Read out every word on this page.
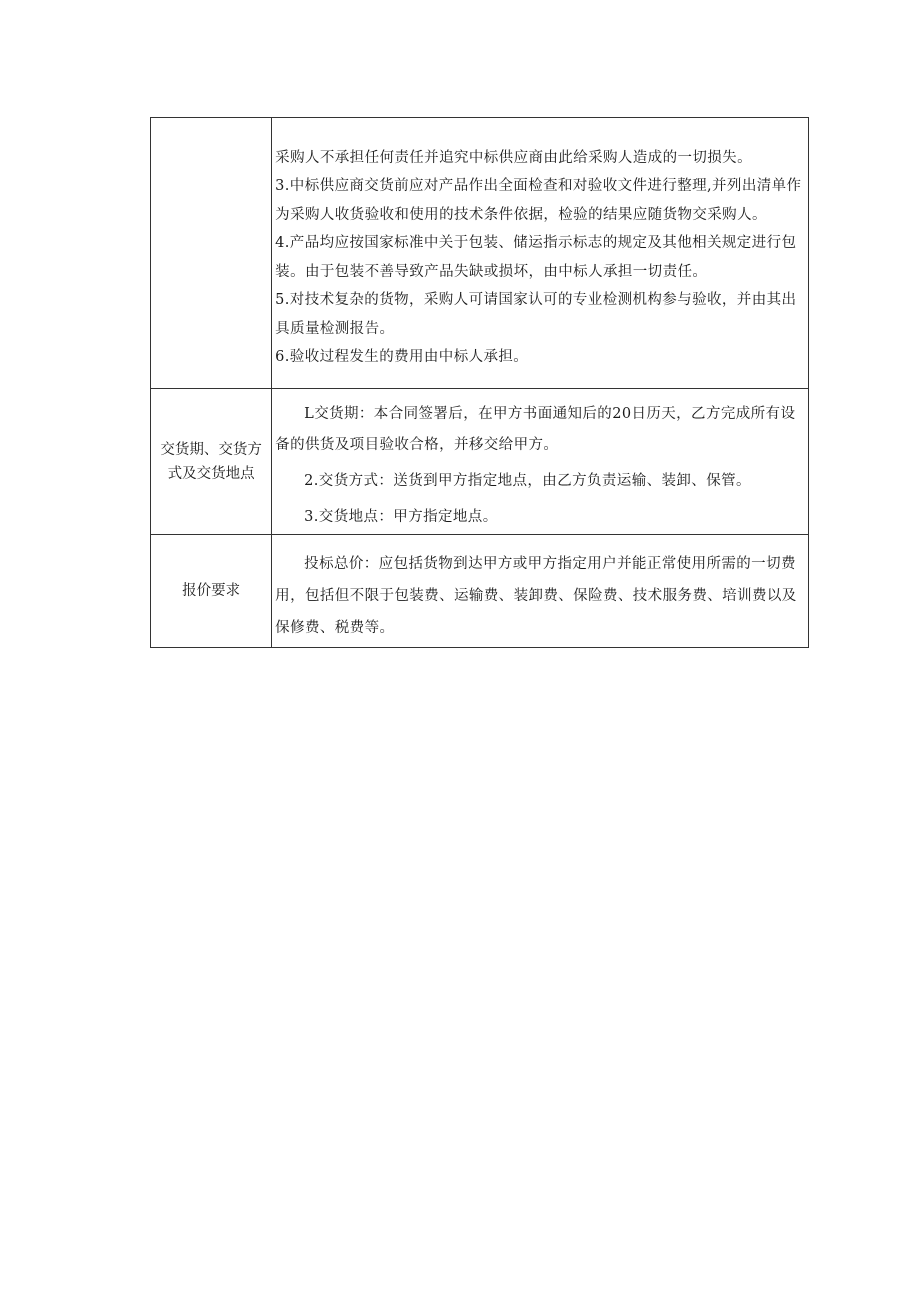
	采购人不承担任何责任并追究中标供应商由此给采购人造成的一切损失。
3.中标供应商交货前应对产品作出全面检查和对验收文件进行整理,并列出清单作为采购人收货验收和使用的技术条件依据，检验的结果应随货物交采购人。
4.产品均应按国家标准中关于包装、储运指示标志的规定及其他相关规定进行包装。由于包装不善导致产品失缺或损坏，由中标人承担一切责任。
5.对技术复杂的货物，采购人可请国家认可的专业检测机构参与验收，并由其出具质量检测报告。
6.验收过程发生的费用由中标人承担。

交货期、交货方式及交货地点	L交货期：本合同签署后，在甲方书面通知后的20日历天，乙方完成所有设备的供货及项目验收合格，并移交给甲方。
2.交货方式：送货到甲方指定地点，由乙方负责运输、装卸、保管。
3.交货地点：甲方指定地点。

报价要求	投标总价：应包括货物到达甲方或甲方指定用户并能正常使用所需的一切费用，包括但不限于包装费、运输费、装卸费、保险费、技术服务费、培训费以及保修费、税费等。
